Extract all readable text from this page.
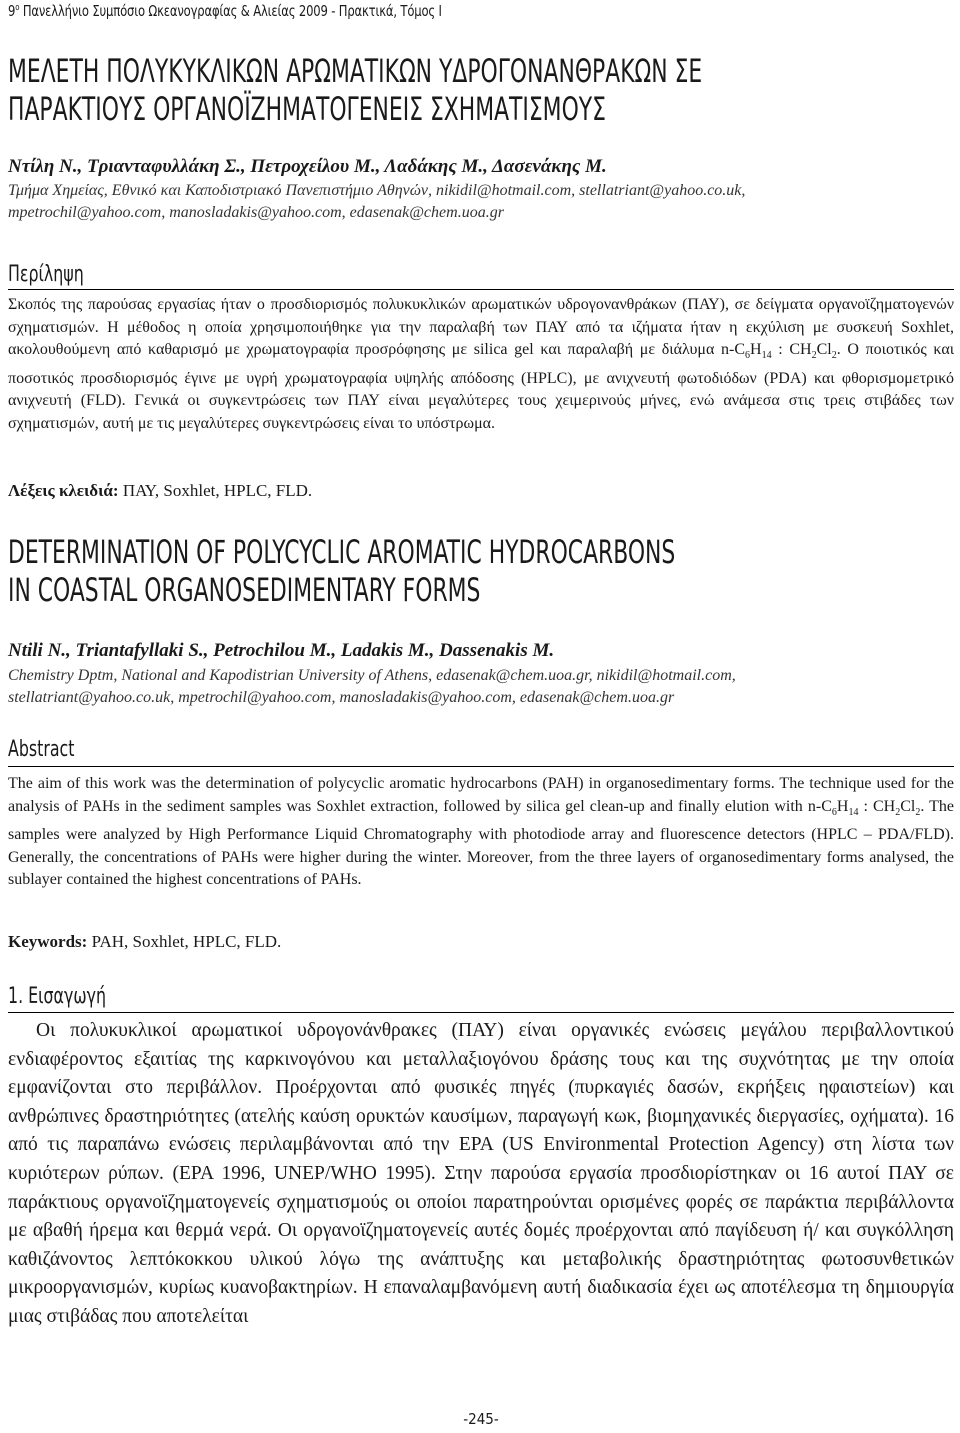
$9^o$ Πανελλήνιο Συμπόσιο Ωκεανογραφίας & Αλιείας 2009 - Πρακτικά, Τόμος I
ΜΕΛΕΤΗ ΠΟΛΥΚΥΚΛΙΚΩΝ ΑΡΩΜΑΤΙΚΩΝ ΥΔΡΟΓΟΝΑΝΘΡΑΚΩΝ ΣΕ
ΠΑΡΑΚΤΙΟΥΣ ΟΡΓΑΝΟΪΖΗΜΑΤΟΓΕΝΕΙΣ ΣΧΗΜΑΤΙΣΜΟΥΣ
Ντίλη Ν., Τριανταφυλλάκη Σ., Πετροχείλου Μ., Λαδάκης Μ., Δασενάκης Μ.
Τμήμα Χημείας, Εθνικό και Καποδιστριακό Πανεπιστήμιο Αθηνών, nikidil@hotmail.com, stellatriant@yahoo.co.uk,
mpetrochil@yahoo.com, manosladakis@yahoo.com, edasenak@chem.uoa.gr
Περίληψη
Σκοπός της παρούσας εργασίας ήταν ο προσδιορισμός πολυκυκλικών αρωματικών υδρογονανθράκων (ΠΑΥ), σε δείγματα οργανοϊζηματογενών σχηματισμών. Η μέθοδος η οποία χρησιμοποιήθηκε για την παραλαβή των ΠΑΥ από τα ιζήματα ήταν η εκχύλιση με συσκευή Soxhlet, ακολουθούμενη από καθαρισμό με χρωματογραφία προσρόφησης με silica gel και παραλαβή με διάλυμα $n-C_6H_{14}$ : $CH_2Cl_2$. Ο ποιοτικός και ποσοτικός προσδιορισμός έγινε με υγρή χρωματογραφία υψηλής απόδοσης (HPLC), με ανιχνευτή φωτοδιόδων (PDA) και φθορισμομετρικό ανιχνευτή (FLD). Γενικά οι συγκεντρώσεις των ΠΑΥ είναι μεγαλύτερες τους χειμερινούς μήνες, ενώ ανάμεσα στις τρεις στιβάδες των σχηματισμών, αυτή με τις μεγαλύτερες συγκεντρώσεις είναι το υπόστρωμα.
Λέξεις κλειδιά: ΠΑΥ, Soxhlet, HPLC, FLD.
DETERMINATION OF POLYCYCLIC AROMATIC HYDROCARBONS
IN COASTAL ORGANOSEDIMENTARY FORMS
Ntili N., Triantafyllaki S., Petrochilou M., Ladakis M., Dassenakis M.
Chemistry Dptm, National and Kapodistrian University of Athens, edasenak@chem.uoa.gr, nikidil@hotmail.com,
stellatriant@yahoo.co.uk, mpetrochil@yahoo.com, manosladakis@yahoo.com, edasenak@chem.uoa.gr
Abstract
The aim of this work was the determination of polycyclic aromatic hydrocarbons (PAH) in organosedimentary forms. The technique used for the analysis of PAHs in the sediment samples was Soxhlet extraction, followed by silica gel clean-up and finally elution with $n-C_6H_{14}$ : $CH_2Cl_2$. The samples were analyzed by High Performance Liquid Chromatography with photodiode array and fluorescence detectors (HPLC – PDA/FLD). Generally, the concentrations of PAHs were higher during the winter. Moreover, from the three layers of organosedimentary forms analysed, the sublayer contained the highest concentrations of PAHs.
Keywords: PAH, Soxhlet, HPLC, FLD.
1. Εισαγωγή
Οι πολυκυκλικοί αρωματικοί υδρογονάνθρακες (ΠΑΥ) είναι οργανικές ενώσεις μεγάλου περιβαλλοντικού ενδιαφέροντος εξαιτίας της καρκινογόνου και μεταλλαξιογόνου δράσης τους και της συχνότητας με την οποία εμφανίζονται στο περιβάλλον. Προέρχονται από φυσικές πηγές (πυρκαγιές δασών, εκρήξεις ηφαιστείων) και ανθρώπινες δραστηριότητες (ατελής καύση ορυκτών καυσίμων, παραγωγή κωκ, βιομηχανικές διεργασίες, οχήματα). 16 από τις παραπάνω ενώσεις περιλαμβάνονται από την EPA (US Environmental Protection Agency) στη λίστα των κυριότερων ρύπων. (EPA 1996, UNEP/WHO 1995). Στην παρούσα εργασία προσδιορίστηκαν οι 16 αυτοί ΠΑΥ σε παράκτιους οργανοϊζηματογενείς σχηματισμούς οι οποίοι παρατηρούνται ορισμένες φορές σε παράκτια περιβάλλοντα με αβαθή ήρεμα και θερμά νερά. Οι οργανοϊζηματογενείς αυτές δομές προέρχονται από παγίδευση ή/ και συγκόλληση καθιζάνοντος λεπτόκοκκου υλικού λόγω της ανάπτυξης και μεταβολικής δραστηριότητας φωτοσυνθετικών μικροοργανισμών, κυρίως κυανοβακτηρίων. Η επαναλαμβανόμενη αυτή διαδικασία έχει ως αποτέλεσμα τη δημιουργία μιας στιβάδας που αποτελείται
-245-
